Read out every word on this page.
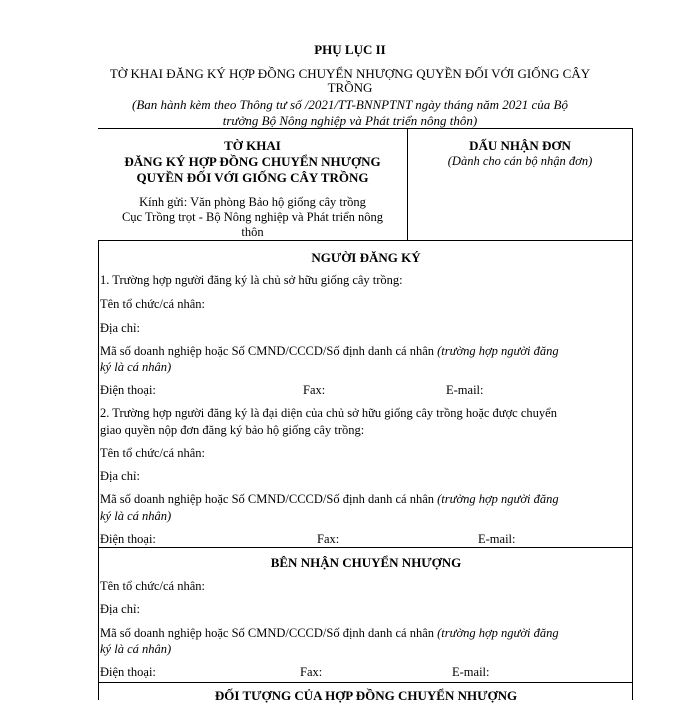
PHỤ LỤC II
TỜ KHAI ĐĂNG KÝ HỢP ĐỒNG CHUYỂN NHƯỢNG QUYỀN ĐỐI VỚI GIỐNG CÂY
TRỒNG
(Ban hành kèm theo Thông tư số /2021/TT-BNNPTNT ngày tháng năm 2021 của Bộ
trưởng Bộ Nông nghiệp và Phát triển nông thôn)
TỜ KHAI
ĐĂNG KÝ HỢP ĐỒNG CHUYỂN NHƯỢNG
QUYỀN ĐỐI VỚI GIỐNG CÂY TRỒNG
Kính gửi: Văn phòng Bảo hộ giống cây trồng
Cục Trồng trọt - Bộ Nông nghiệp và Phát triển nông
thôn
DẤU NHẬN ĐƠN
(Dành cho cán bộ nhận đơn)
NGƯỜI ĐĂNG KÝ
1. Trường hợp người đăng ký là chủ sở hữu giống cây trồng:
Tên tổ chức/cá nhân:
Địa chỉ:
Mã số doanh nghiệp hoặc Số CMND/CCCD/Số định danh cá nhân (trường hợp người đăng
ký là cá nhân)
Điện thoại:	Fax:	E-mail:
2. Trường hợp người đăng ký là đại diện của chủ sở hữu giống cây trồng hoặc được chuyển
giao quyền nộp đơn đăng ký bảo hộ giống cây trồng:
Tên tổ chức/cá nhân:
Địa chỉ:
Mã số doanh nghiệp hoặc Số CMND/CCCD/Số định danh cá nhân (trường hợp người đăng
ký là cá nhân)
Điện thoại:	Fax:	E-mail:
BÊN NHẬN CHUYỂN NHƯỢNG
Tên tổ chức/cá nhân:
Địa chỉ:
Mã số doanh nghiệp hoặc Số CMND/CCCD/Số định danh cá nhân (trường hợp người đăng
ký là cá nhân)
Điện thoại:	Fax:	E-mail:
ĐỐI TƯỢNG CỦA HỢP ĐỒNG CHUYỂN NHƯỢNG
